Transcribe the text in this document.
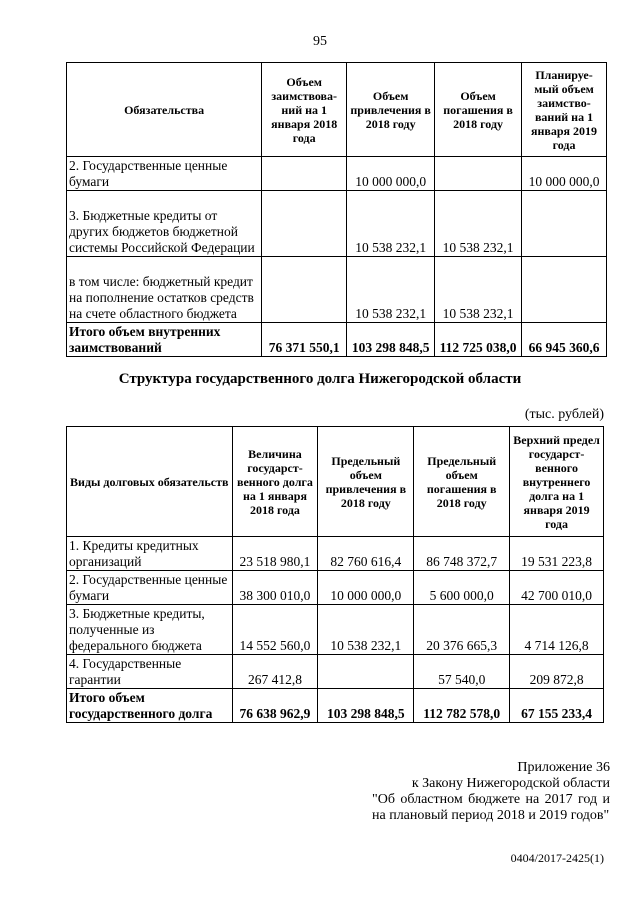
95
Обязательства	Объем заимствова-ний на 1 января 2018 года	Объем привлечения в 2018 году	Объем погашения в 2018 году	Планируе-мый объем заимство-ваний на 1 января 2019 года
2. Государственные ценные бумаги		10 000 000,0		10 000 000,0
3. Бюджетные кредиты от других бюджетов бюджетной системы Российской Федерации		10 538 232,1	10 538 232,1	
в том числе: бюджетный кредит на пополнение остатков средств на счете областного бюджета		10 538 232,1	10 538 232,1	
Итого объем внутренних заимствований	76 371 550,1	103 298 848,5	112 725 038,0	66 945 360,6
Структура государственного долга Нижегородской области
(тыс. рублей)
Виды долговых обязательств	Величина государст-венного долга на 1 января 2018 года	Предельный объем привлечения в 2018 году	Предельный объем погашения в 2018 году	Верхний предел государст-венного внутреннего долга на 1 января 2019 года
1. Кредиты кредитных организаций	23 518 980,1	82 760 616,4	86 748 372,7	19 531 223,8
2. Государственные ценные бумаги	38 300 010,0	10 000 000,0	5 600 000,0	42 700 010,0
3. Бюджетные кредиты, полученные из федерального бюджета	14 552 560,0	10 538 232,1	20 376 665,3	4 714 126,8
4. Государственные гарантии	267 412,8		57 540,0	209 872,8
Итого объем государственного долга	76 638 962,9	103 298 848,5	112 782 578,0	67 155 233,4
Приложение 36
к Закону Нижегородской области
"Об областном бюджете на 2017 год и на плановый период 2018 и 2019 годов"
0404/2017-2425(1)
